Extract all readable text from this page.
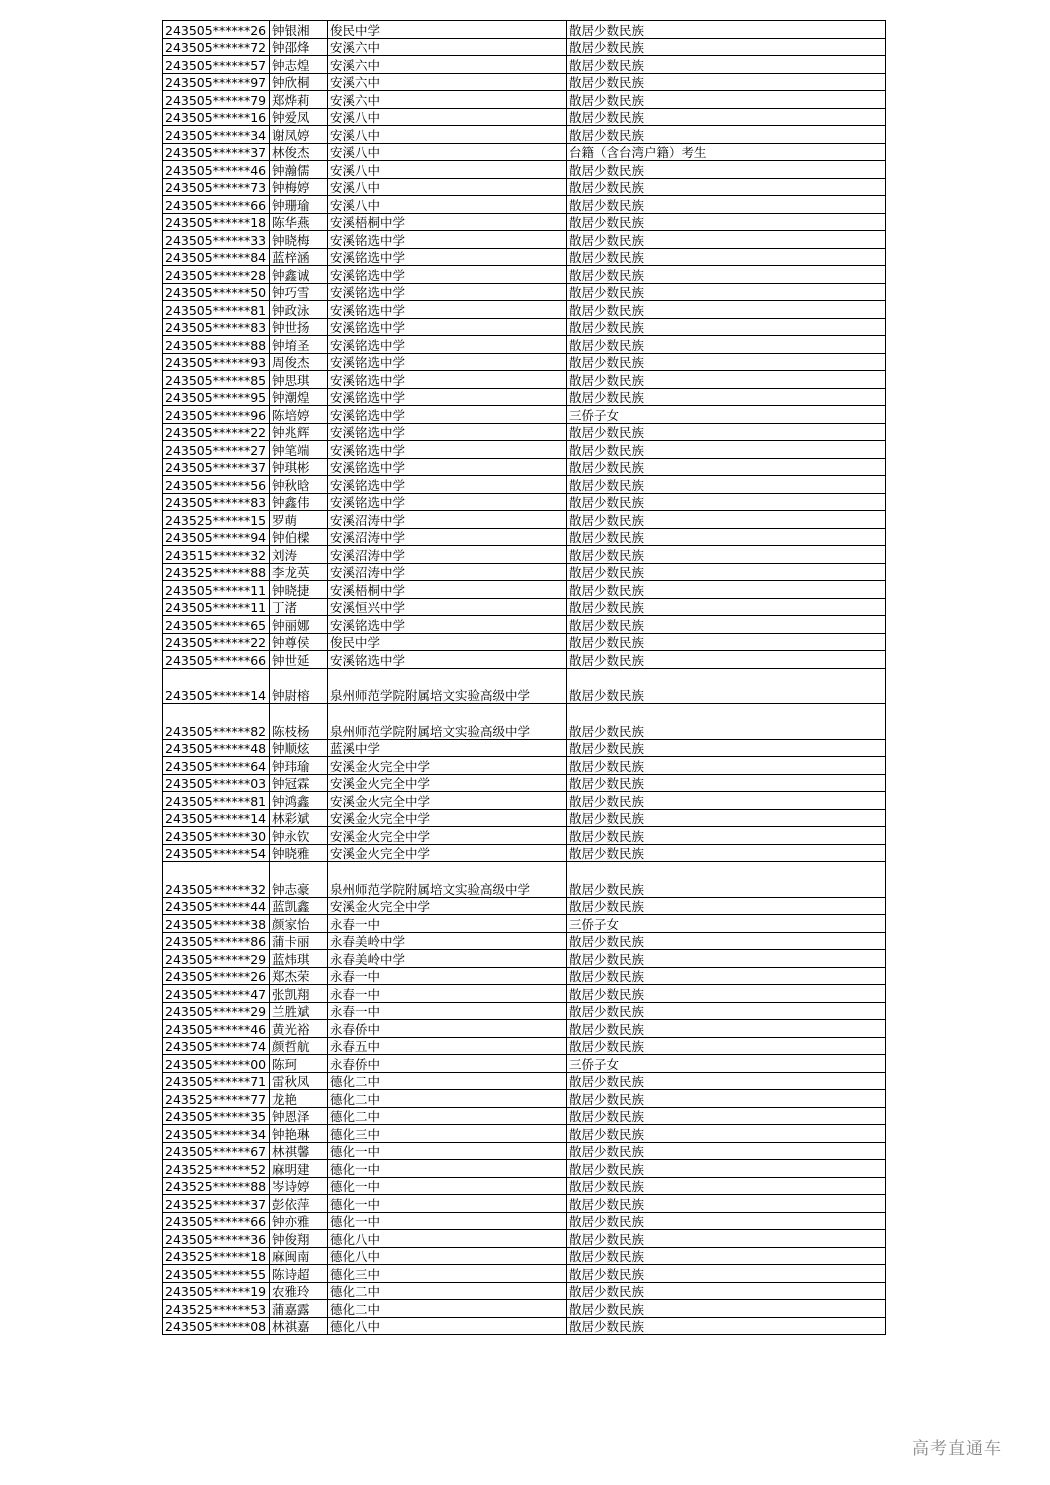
243505******26	钟银湘	俊民中学	散居少数民族
243505******72	钟邵烽	安溪六中	散居少数民族
243505******57	钟志煌	安溪六中	散居少数民族
243505******97	钟欣桐	安溪六中	散居少数民族
243505******79	郑烨莉	安溪六中	散居少数民族
243505******16	钟爱凤	安溪八中	散居少数民族
243505******34	谢凤婷	安溪八中	散居少数民族
243505******37	林俊杰	安溪八中	台籍（含台湾户籍）考生
243505******46	钟瀚儒	安溪八中	散居少数民族
243505******73	钟梅婷	安溪八中	散居少数民族
243505******66	钟珊瑜	安溪八中	散居少数民族
243505******18	陈华燕	安溪梧桐中学	散居少数民族
243505******33	钟晓梅	安溪铭选中学	散居少数民族
243505******84	蓝梓涵	安溪铭选中学	散居少数民族
243505******28	钟鑫诚	安溪铭选中学	散居少数民族
243505******50	钟巧雪	安溪铭选中学	散居少数民族
243505******81	钟政泳	安溪铭选中学	散居少数民族
243505******83	钟世扬	安溪铭选中学	散居少数民族
243505******88	钟堉圣	安溪铭选中学	散居少数民族
243505******93	周俊杰	安溪铭选中学	散居少数民族
243505******85	钟思琪	安溪铭选中学	散居少数民族
243505******95	钟潮煌	安溪铭选中学	散居少数民族
243505******96	陈培婷	安溪铭选中学	三侨子女
243505******22	钟兆辉	安溪铭选中学	散居少数民族
243505******27	钟笔端	安溪铭选中学	散居少数民族
243505******37	钟琪彬	安溪铭选中学	散居少数民族
243505******56	钟秋晗	安溪铭选中学	散居少数民族
243505******83	钟鑫伟	安溪铭选中学	散居少数民族
243525******15	罗萌	安溪沼涛中学	散居少数民族
243505******94	钟伯樑	安溪沼涛中学	散居少数民族
243515******32	刘涛	安溪沼涛中学	散居少数民族
243525******88	李龙英	安溪沼涛中学	散居少数民族
243505******11	钟晓捷	安溪梧桐中学	散居少数民族
243505******11	丁渚	安溪恒兴中学	散居少数民族
243505******65	钟丽娜	安溪铭选中学	散居少数民族
243505******22	钟尊侯	俊民中学	散居少数民族
243505******66	钟世延	安溪铭选中学	散居少数民族
243505******14	钟尉榕	泉州师范学院附属培文实验高级中学	散居少数民族
243505******82	陈枝杨	泉州师范学院附属培文实验高级中学	散居少数民族
243505******48	钟顺炫	蓝溪中学	散居少数民族
243505******64	钟玮瑜	安溪金火完全中学	散居少数民族
243505******03	钟冠霖	安溪金火完全中学	散居少数民族
243505******81	钟鸿鑫	安溪金火完全中学	散居少数民族
243505******14	林彩斌	安溪金火完全中学	散居少数民族
243505******30	钟永钦	安溪金火完全中学	散居少数民族
243505******54	钟晓雅	安溪金火完全中学	散居少数民族
243505******32	钟志豪	泉州师范学院附属培文实验高级中学	散居少数民族
243505******44	蓝凯鑫	安溪金火完全中学	散居少数民族
243505******38	颜家怡	永春一中	三侨子女
243505******86	蒲卡丽	永春美岭中学	散居少数民族
243505******29	蓝炜琪	永春美岭中学	散居少数民族
243505******26	郑杰荣	永春一中	散居少数民族
243505******47	张凯翔	永春一中	散居少数民族
243505******29	兰胜斌	永春一中	散居少数民族
243505******46	黄光裕	永春侨中	散居少数民族
243505******74	颜哲航	永春五中	散居少数民族
243505******00	陈珂	永春侨中	三侨子女
243505******71	雷秋凤	德化二中	散居少数民族
243525******77	龙艳	德化二中	散居少数民族
243505******35	钟恩泽	德化二中	散居少数民族
243505******34	钟艳琳	德化三中	散居少数民族
243505******67	林祺馨	德化一中	散居少数民族
243525******52	麻明建	德化一中	散居少数民族
243525******88	岑诗婷	德化一中	散居少数民族
243525******37	彭依萍	德化一中	散居少数民族
243505******66	钟亦雅	德化一中	散居少数民族
243505******36	钟俊翔	德化八中	散居少数民族
243525******18	麻闽南	德化八中	散居少数民族
243505******55	陈诗超	德化三中	散居少数民族
243505******19	农雅玲	德化二中	散居少数民族
243525******53	蒲嘉露	德化二中	散居少数民族
243505******08	林祺嘉	德化八中	散居少数民族
高考直通车
